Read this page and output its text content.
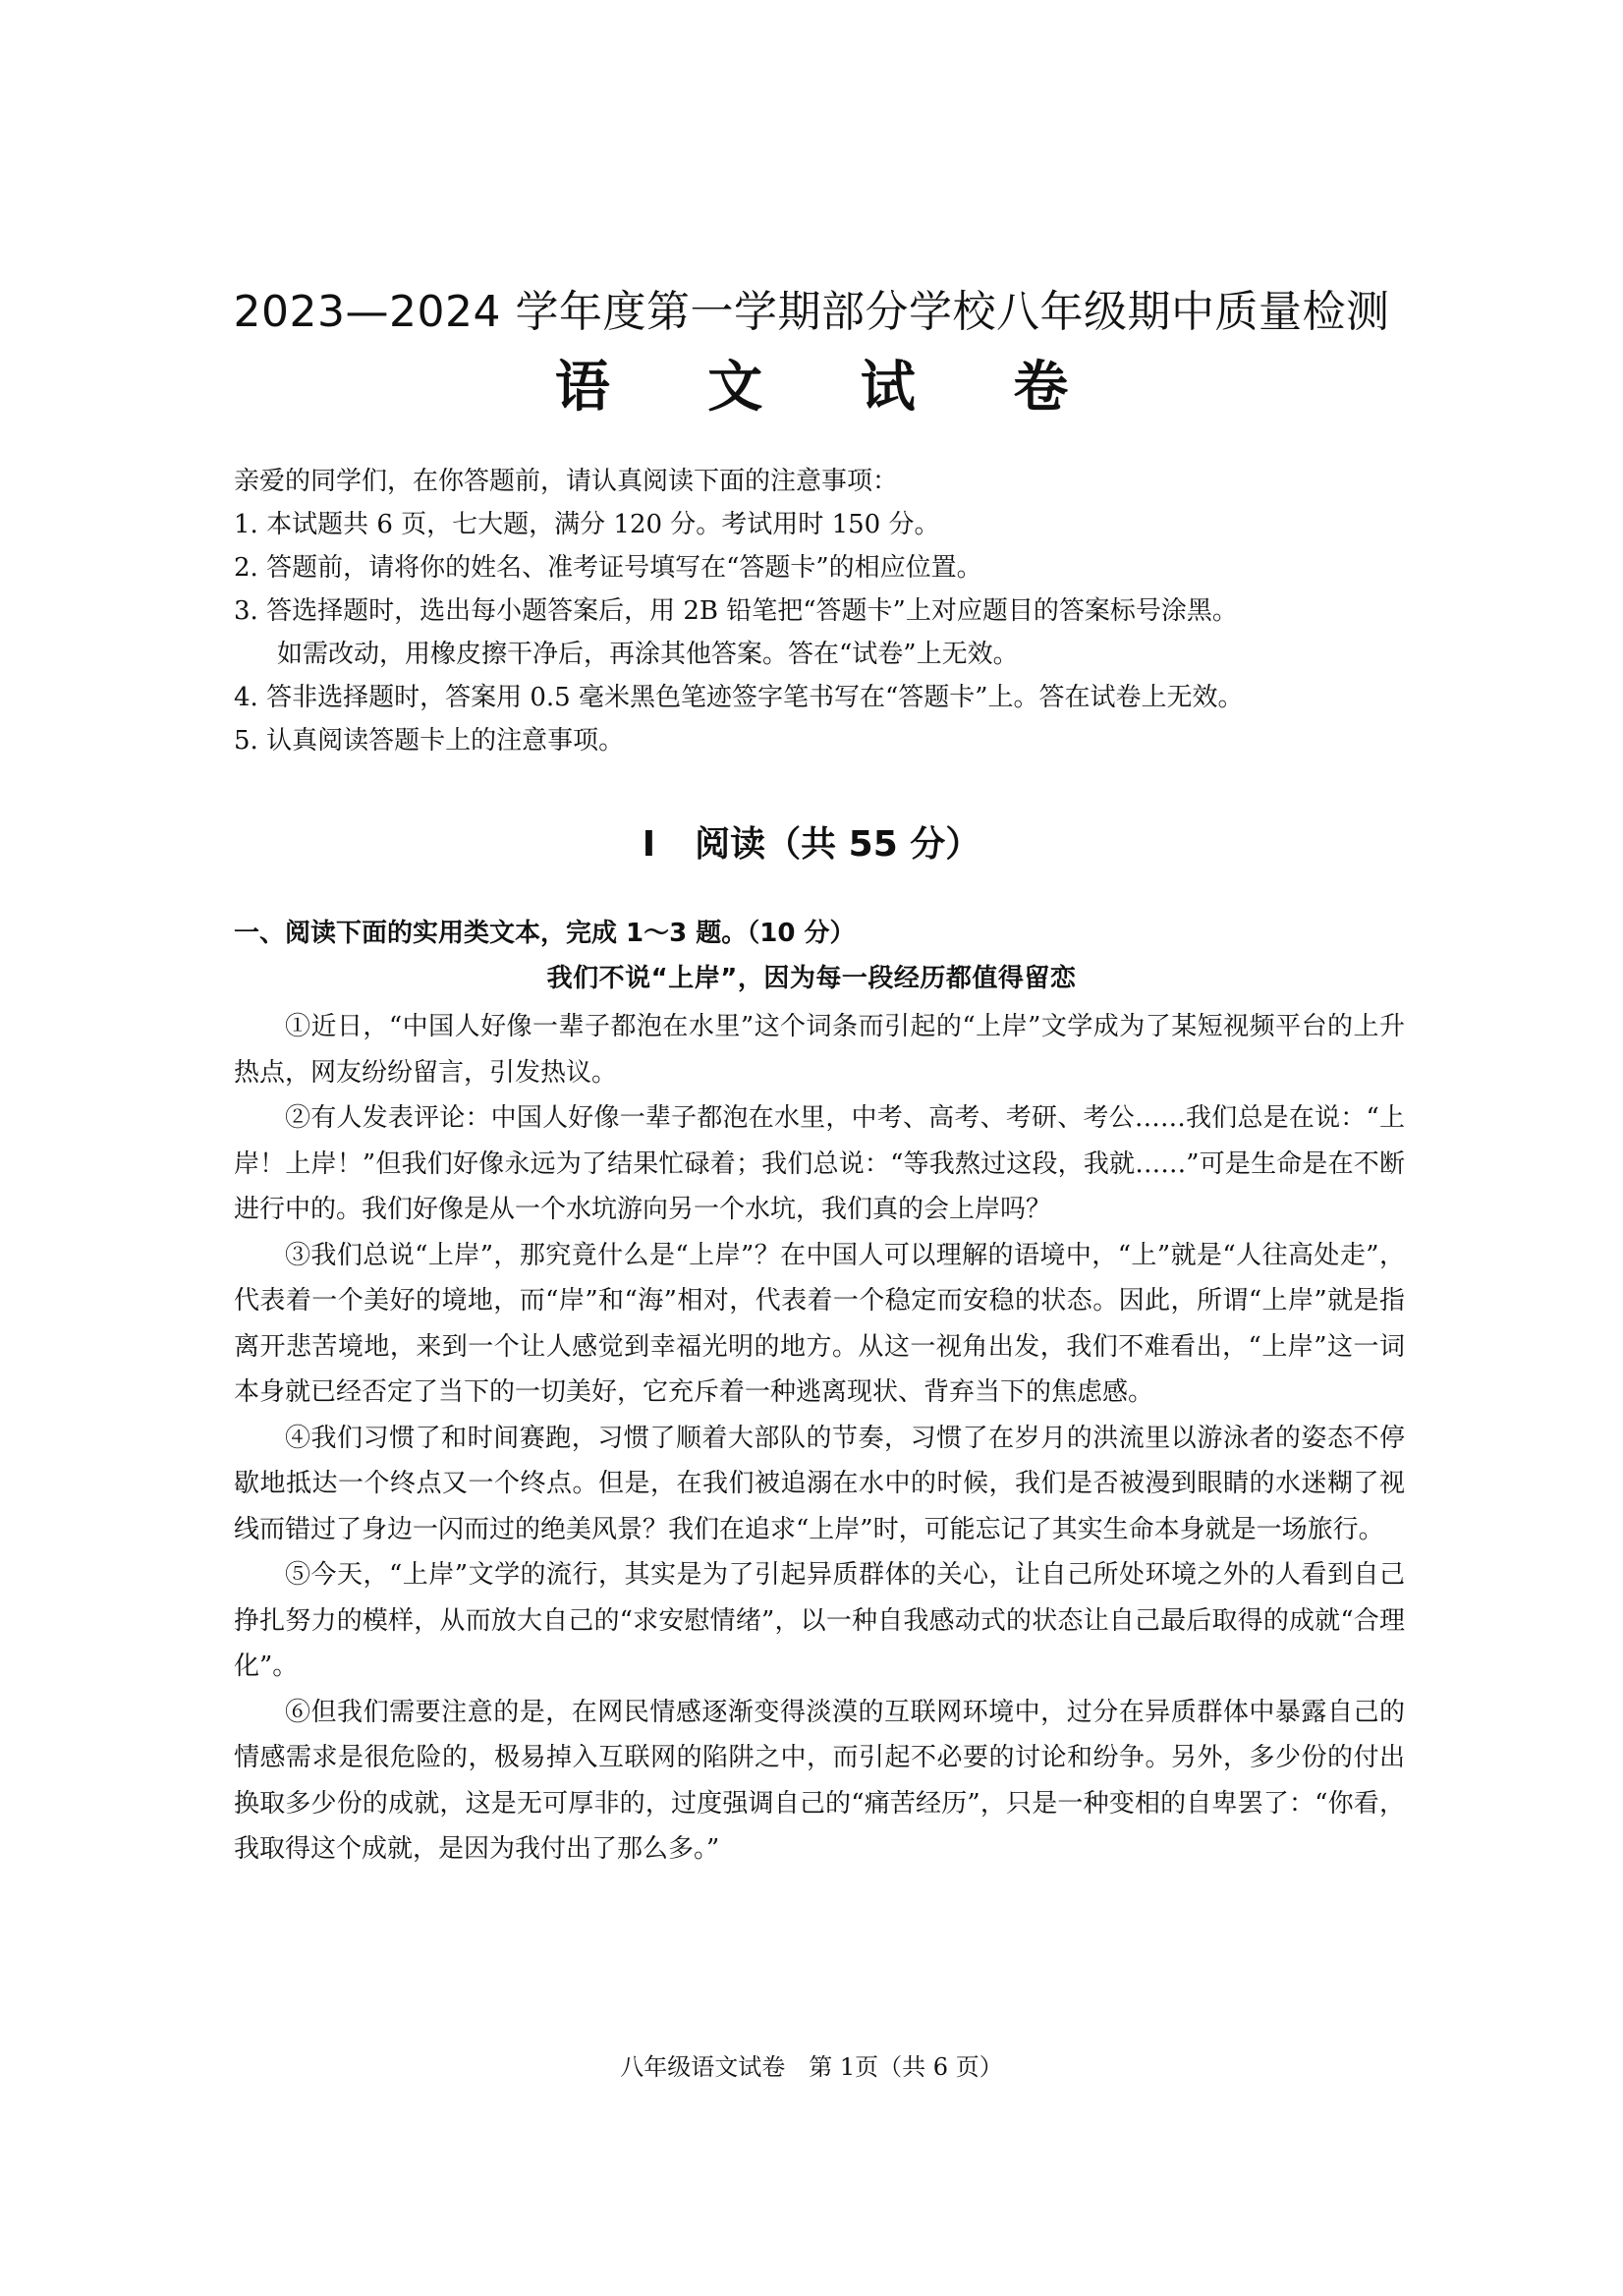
2023—2024 学年度第一学期部分学校八年级期中质量检测
语 文 试 卷
亲爱的同学们，在你答题前，请认真阅读下面的注意事项：
1. 本试题共 6 页，七大题，满分 120 分。考试用时 150 分。
2. 答题前，请将你的姓名、准考证号填写在“答题卡”的相应位置。
3. 答选择题时，选出每小题答案后，用 2B 铅笔把“答题卡”上对应题目的答案标号涂黑。
如需改动，用橡皮擦干净后，再涂其他答案。答在“试卷”上无效。
4. 答非选择题时，答案用 0.5 毫米黑色笔迹签字笔书写在“答题卡”上。答在试卷上无效。
5. 认真阅读答题卡上的注意事项。
I 阅读（共 55 分）
一、阅读下面的实用类文本，完成 1～3 题。（10 分）
我们不说“上岸”，因为每一段经历都值得留恋

①近日，“中国人好像一辈子都泡在水里”这个词条而引起的“上岸”文学成为了某短视频平台的上升热点，网友纷纷留言，引发热议。

②有人发表评论：中国人好像一辈子都泡在水里，中考、高考、考研、考公……我们总是在说：“上岸！上岸！”但我们好像永远为了结果忙碌着；我们总说：“等我熬过这段，我就……”可是生命是在不断进行中的。我们好像是从一个水坑游向另一个水坑，我们真的会上岸吗？

③我们总说“上岸”，那究竟什么是“上岸”？在中国人可以理解的语境中，“上”就是“人往高处走”，代表着一个美好的境地，而“岸”和“海”相对，代表着一个稳定而安稳的状态。因此，所谓“上岸”就是指离开悲苦境地，来到一个让人感觉到幸福光明的地方。从这一视角出发，我们不难看出，“上岸”这一词本身就已经否定了当下的一切美好，它充斥着一种逃离现状、背弃当下的焦虑感。

④我们习惯了和时间赛跑，习惯了顺着大部队的节奏，习惯了在岁月的洪流里以游泳者的姿态不停歇地抵达一个终点又一个终点。但是，在我们被追溺在水中的时候，我们是否被漫到眼睛的水迷糊了视线而错过了身边一闪而过的绝美风景？我们在追求“上岸”时，可能忘记了其实生命本身就是一场旅行。

⑤今天，“上岸”文学的流行，其实是为了引起异质群体的关心，让自己所处环境之外的人看到自己挣扎努力的模样，从而放大自己的“求安慰情绪”，以一种自我感动式的状态让自己最后取得的成就“合理化”。

⑥但我们需要注意的是，在网民情感逐渐变得淡漠的互联网环境中，过分在异质群体中暴露自己的情感需求是很危险的，极易掉入互联网的陷阱之中，而引起不必要的讨论和纷争。另外，多少份的付出换取多少份的成就，这是无可厚非的，过度强调自己的“痛苦经历”，只是一种变相的自卑罢了：“你看，我取得这个成就，是因为我付出了那么多。”

八年级语文试卷　第 1页（共 6 页）
